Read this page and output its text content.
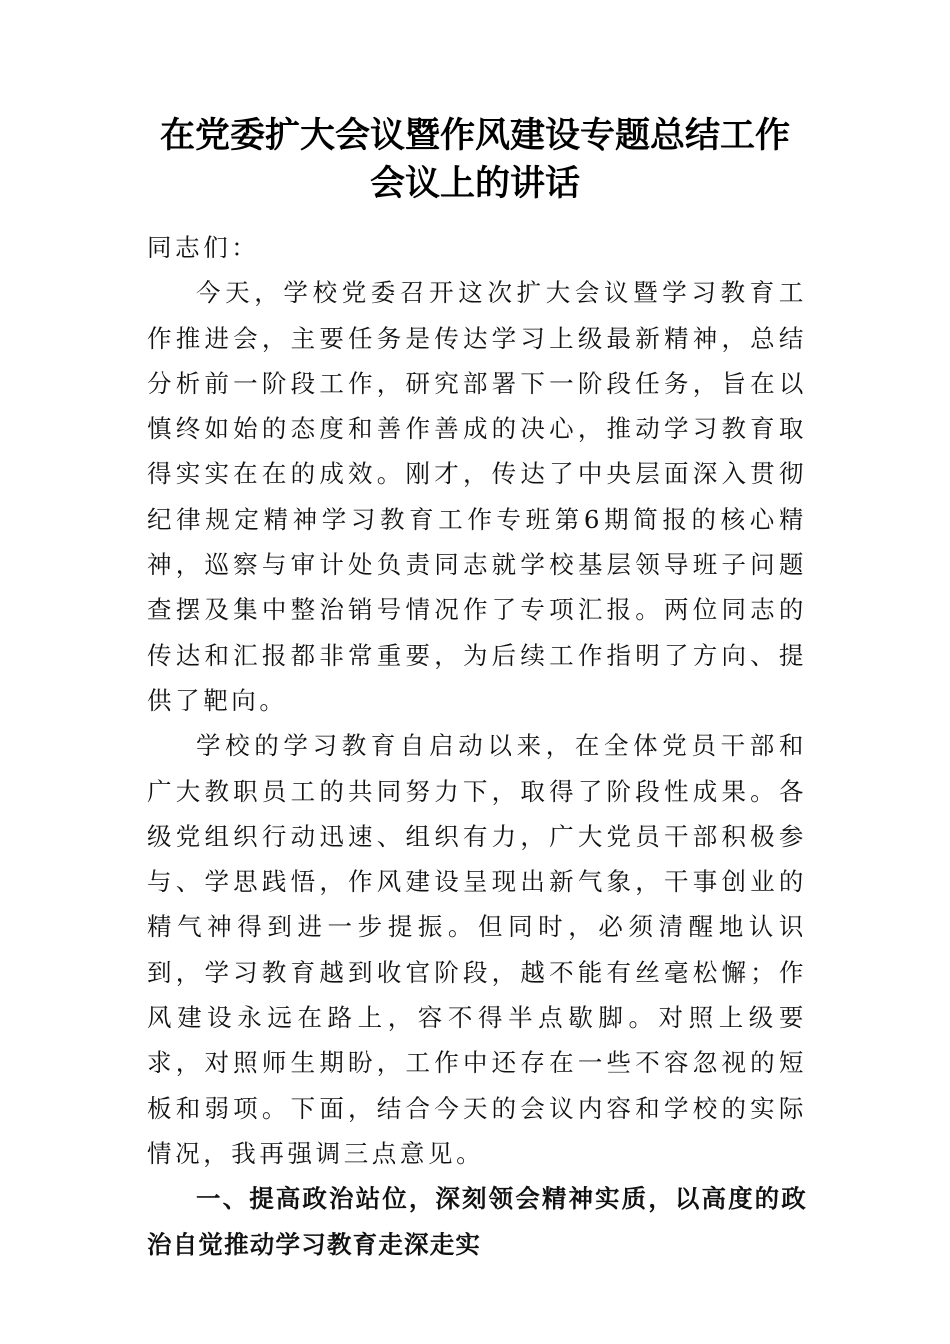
在党委扩大会议暨作风建设专题总结工作
会议上的讲话

同志们：

今天，学校党委召开这次扩大会议暨学习教育工作推进会，主要任务是传达学习上级最新精神，总结分析前一阶段工作，研究部署下一阶段任务，旨在以慎终如始的态度和善作善成的决心，推动学习教育取得实实在在的成效。刚才，传达了中央层面深入贯彻纪律规定精神学习教育工作专班第6期简报的核心精神，巡察与审计处负责同志就学校基层领导班子问题查摆及集中整治销号情况作了专项汇报。两位同志的传达和汇报都非常重要，为后续工作指明了方向、提供了靶向。

学校的学习教育自启动以来，在全体党员干部和广大教职员工的共同努力下，取得了阶段性成果。各级党组织行动迅速、组织有力，广大党员干部积极参与、学思践悟，作风建设呈现出新气象，干事创业的精气神得到进一步提振。但同时，必须清醒地认识到，学习教育越到收官阶段，越不能有丝毫松懈；作风建设永远在路上，容不得半点歇脚。对照上级要求，对照师生期盼，工作中还存在一些不容忽视的短板和弱项。下面，结合今天的会议内容和学校的实际情况，我再强调三点意见。

一、提高政治站位，深刻领会精神实质，以高度的政治自觉推动学习教育走深走实
